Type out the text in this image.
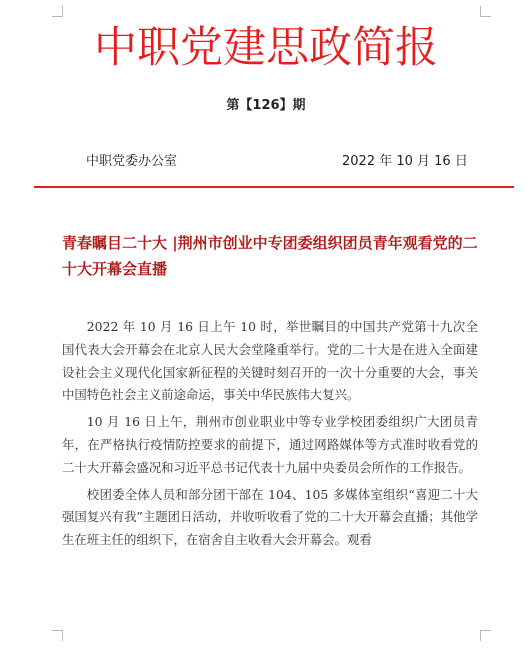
中职党建思政简报
第【126】期
中职党委办公室	2022 年 10 月 16 日
青春瞩目二十大 |荆州市创业中专团委组织团员青年观看党的二十大开幕会直播

2022 年 10 月 16 日上午 10 时，举世瞩目的中国共产党第十九次全国代表大会开幕会在北京人民大会堂隆重举行。党的二十大是在进入全面建设社会主义现代化国家新征程的关键时刻召开的一次十分重要的大会，事关中国特色社会主义前途命运，事关中华民族伟大复兴。

10 月 16 日上午，荆州市创业职业中等专业学校团委组织广大团员青年，在严格执行疫情防控要求的前提下，通过网路媒体等方式准时收看党的二十大开幕会盛况和习近平总书记代表十九届中央委员会所作的工作报告。

校团委全体人员和部分团干部在 104、105 多媒体室组织“喜迎二十大　强国复兴有我”主题团日活动，并收听收看了党的二十大开幕会直播；其他学生在班主任的组织下，在宿舍自主收看大会开幕会。观看
